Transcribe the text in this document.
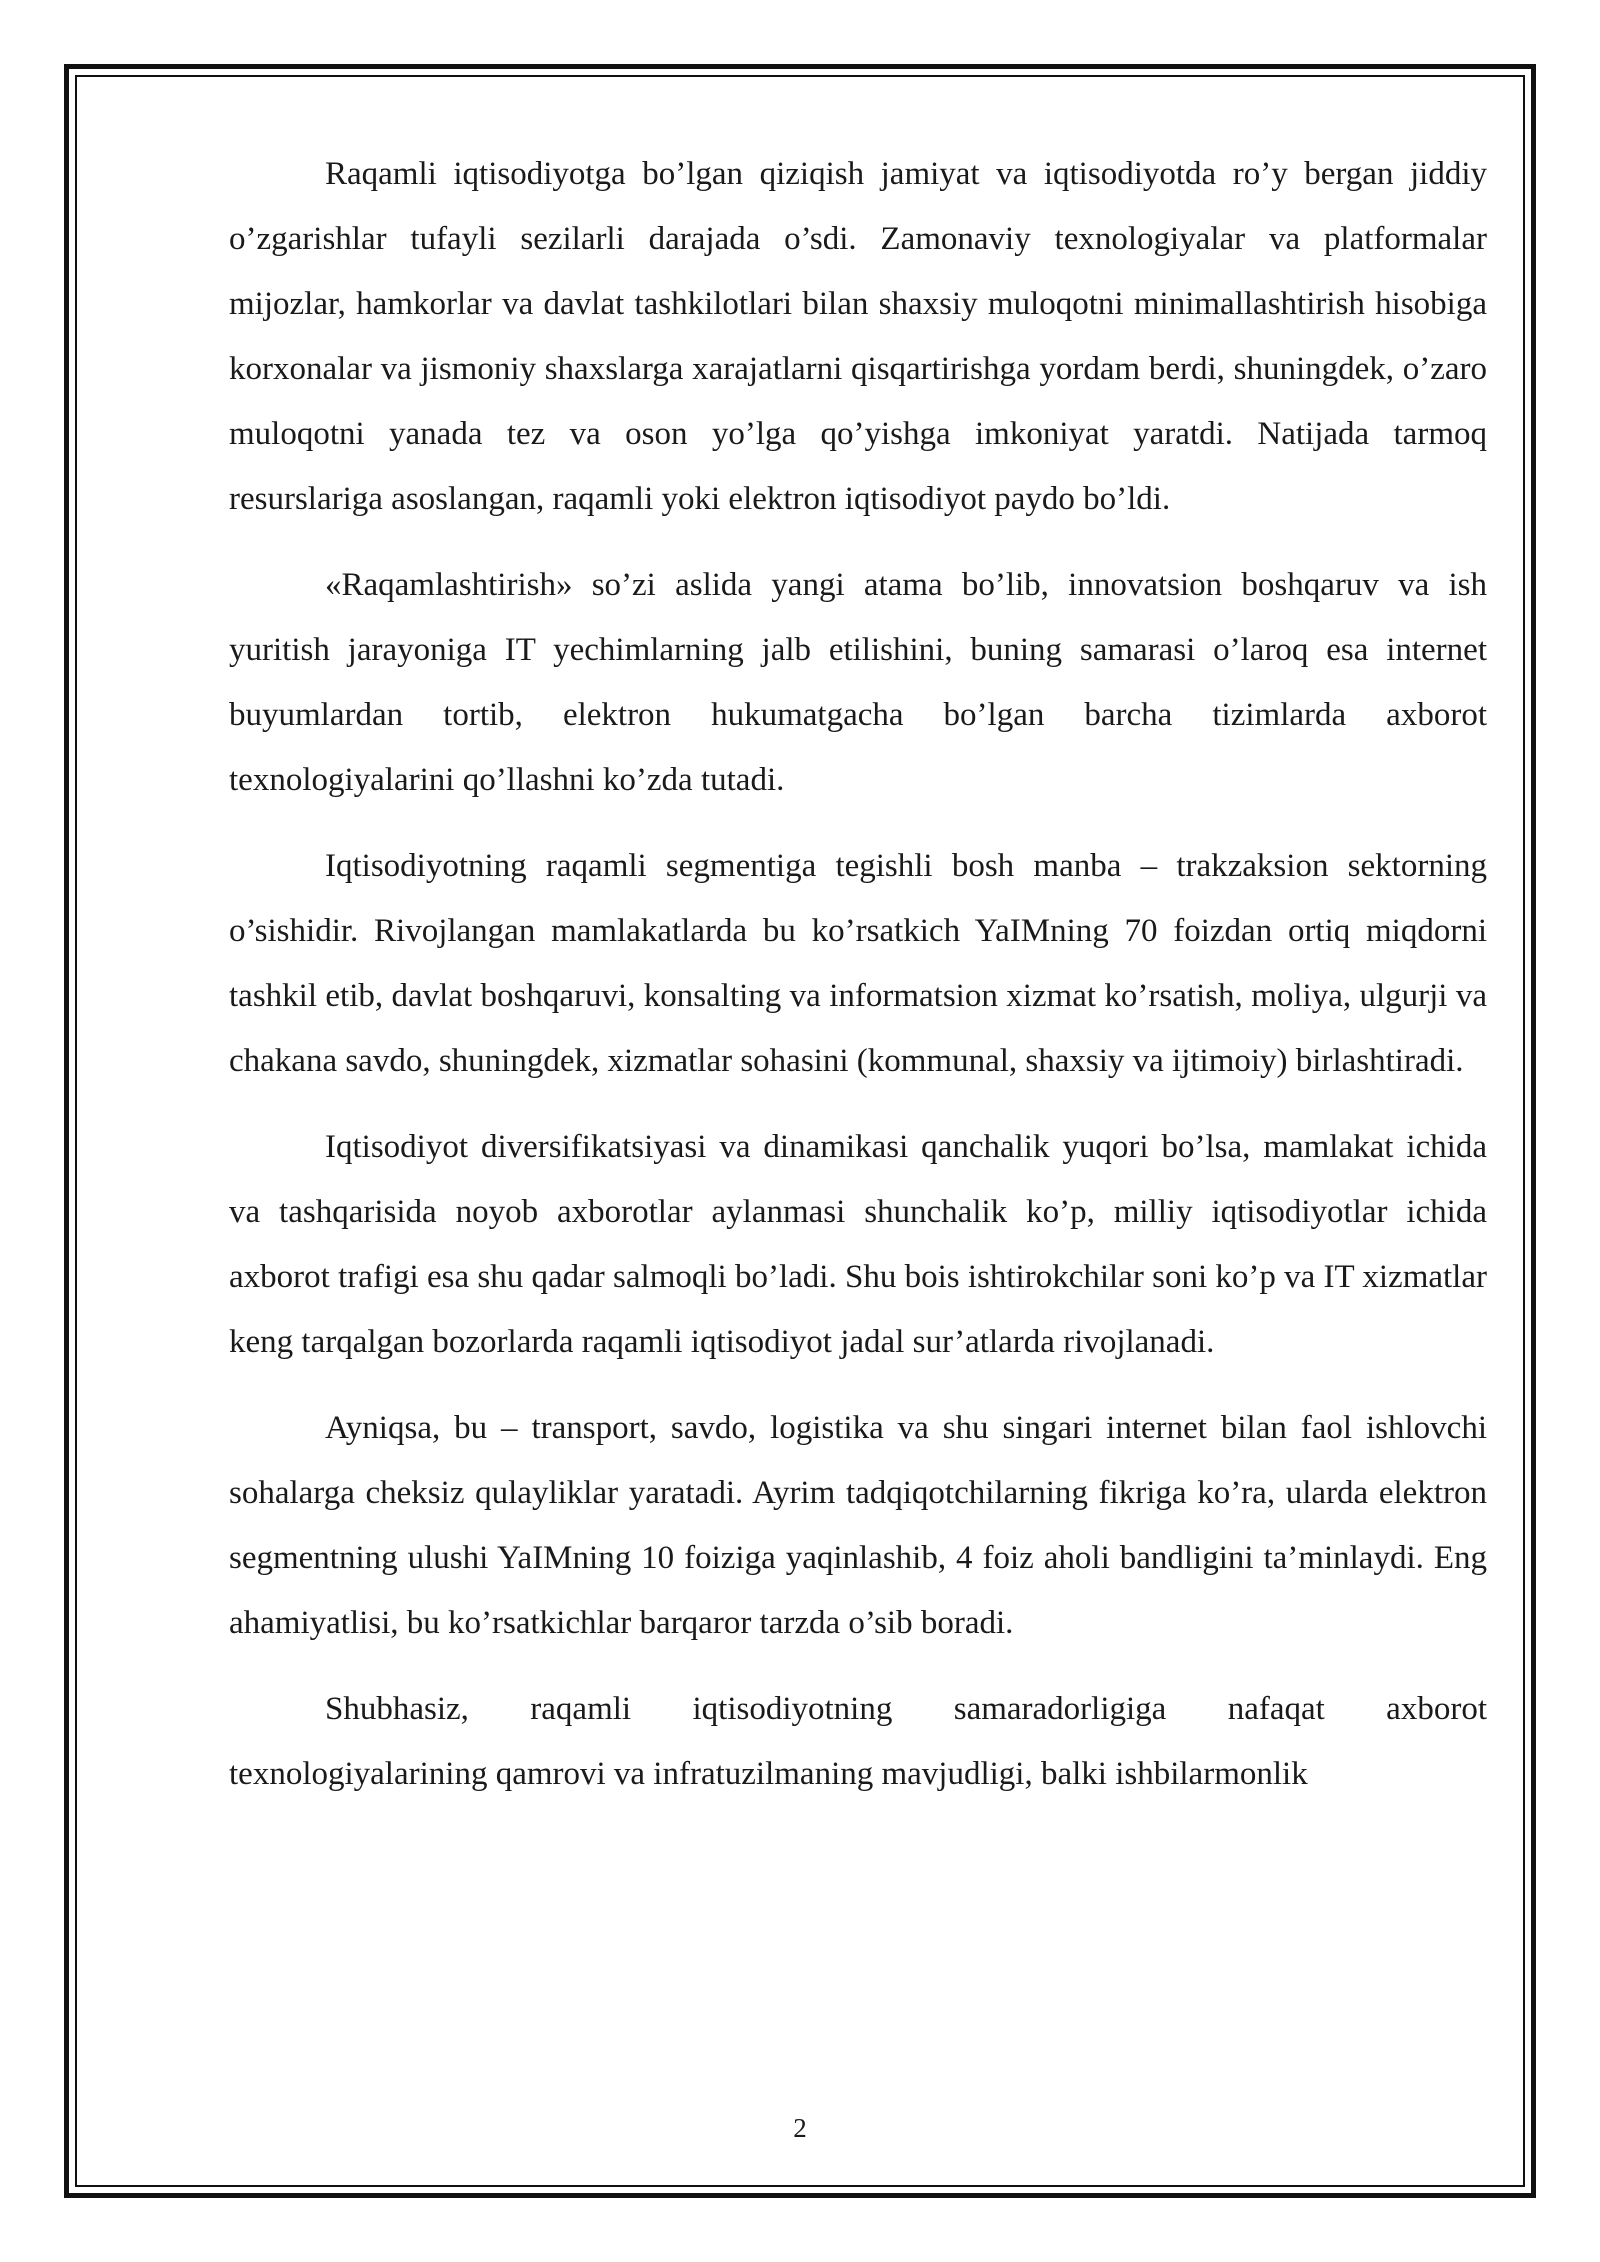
Raqamli iqtisodiyotga bo’lgan qiziqish jamiyat va iqtisodiyotda ro’y bergan jiddiy o’zgarishlar tufayli sezilarli darajada o’sdi. Zamonaviy texnologiyalar va platformalar mijozlar, hamkorlar va davlat tashkilotlari bilan shaxsiy muloqotni minimallashtirish hisobiga korxonalar va jismoniy shaxslarga xarajatlarni qisqartirishga yordam berdi, shuningdek, o’zaro muloqotni yanada tez va oson yo’lga qo’yishga imkoniyat yaratdi. Natijada tarmoq resurslariga asoslangan, raqamli yoki elektron iqtisodiyot paydo bo’ldi.

«Raqamlashtirish» so’zi aslida yangi atama bo’lib, innovatsion boshqaruv va ish yuritish jarayoniga IT yechimlarning jalb etilishini, buning samarasi o’laroq esa internet buyumlardan tortib, elektron hukumatgacha bo’lgan barcha tizimlarda axborot texnologiyalarini qo’llashni ko’zda tutadi.

Iqtisodiyotning raqamli segmentiga tegishli bosh manba – trakzaksion sektorning o’sishidir. Rivojlangan mamlakatlarda bu ko’rsatkich YaIMning 70 foizdan ortiq miqdorni tashkil etib, davlat boshqaruvi, konsalting va informatsion xizmat ko’rsatish, moliya, ulgurji va chakana savdo, shuningdek, xizmatlar sohasini (kommunal, shaxsiy va ijtimoiy) birlashtiradi.

Iqtisodiyot diversifikatsiyasi va dinamikasi qanchalik yuqori bo’lsa, mamlakat ichida va tashqarisida noyob axborotlar aylanmasi shunchalik ko’p, milliy iqtisodiyotlar ichida axborot trafigi esa shu qadar salmoqli bo’ladi. Shu bois ishtirokchilar soni ko’p va IT xizmatlar keng tarqalgan bozorlarda raqamli iqtisodiyot jadal sur’atlarda rivojlanadi.

Ayniqsa, bu – transport, savdo, logistika va shu singari internet bilan faol ishlovchi sohalarga cheksiz qulayliklar yaratadi. Ayrim tadqiqotchilarning fikriga ko’ra, ularda elektron segmentning ulushi YaIMning 10 foiziga yaqinlashib, 4 foiz aholi bandligini ta’minlaydi. Eng ahamiyatlisi, bu ko’rsatkichlar barqaror tarzda o’sib boradi.

Shubhasiz, raqamli iqtisodiyotning samaradorligiga nafaqat axborot texnologiyalarining qamrovi va infratuzilmaning mavjudligi, balki ishbilarmonlik

2
